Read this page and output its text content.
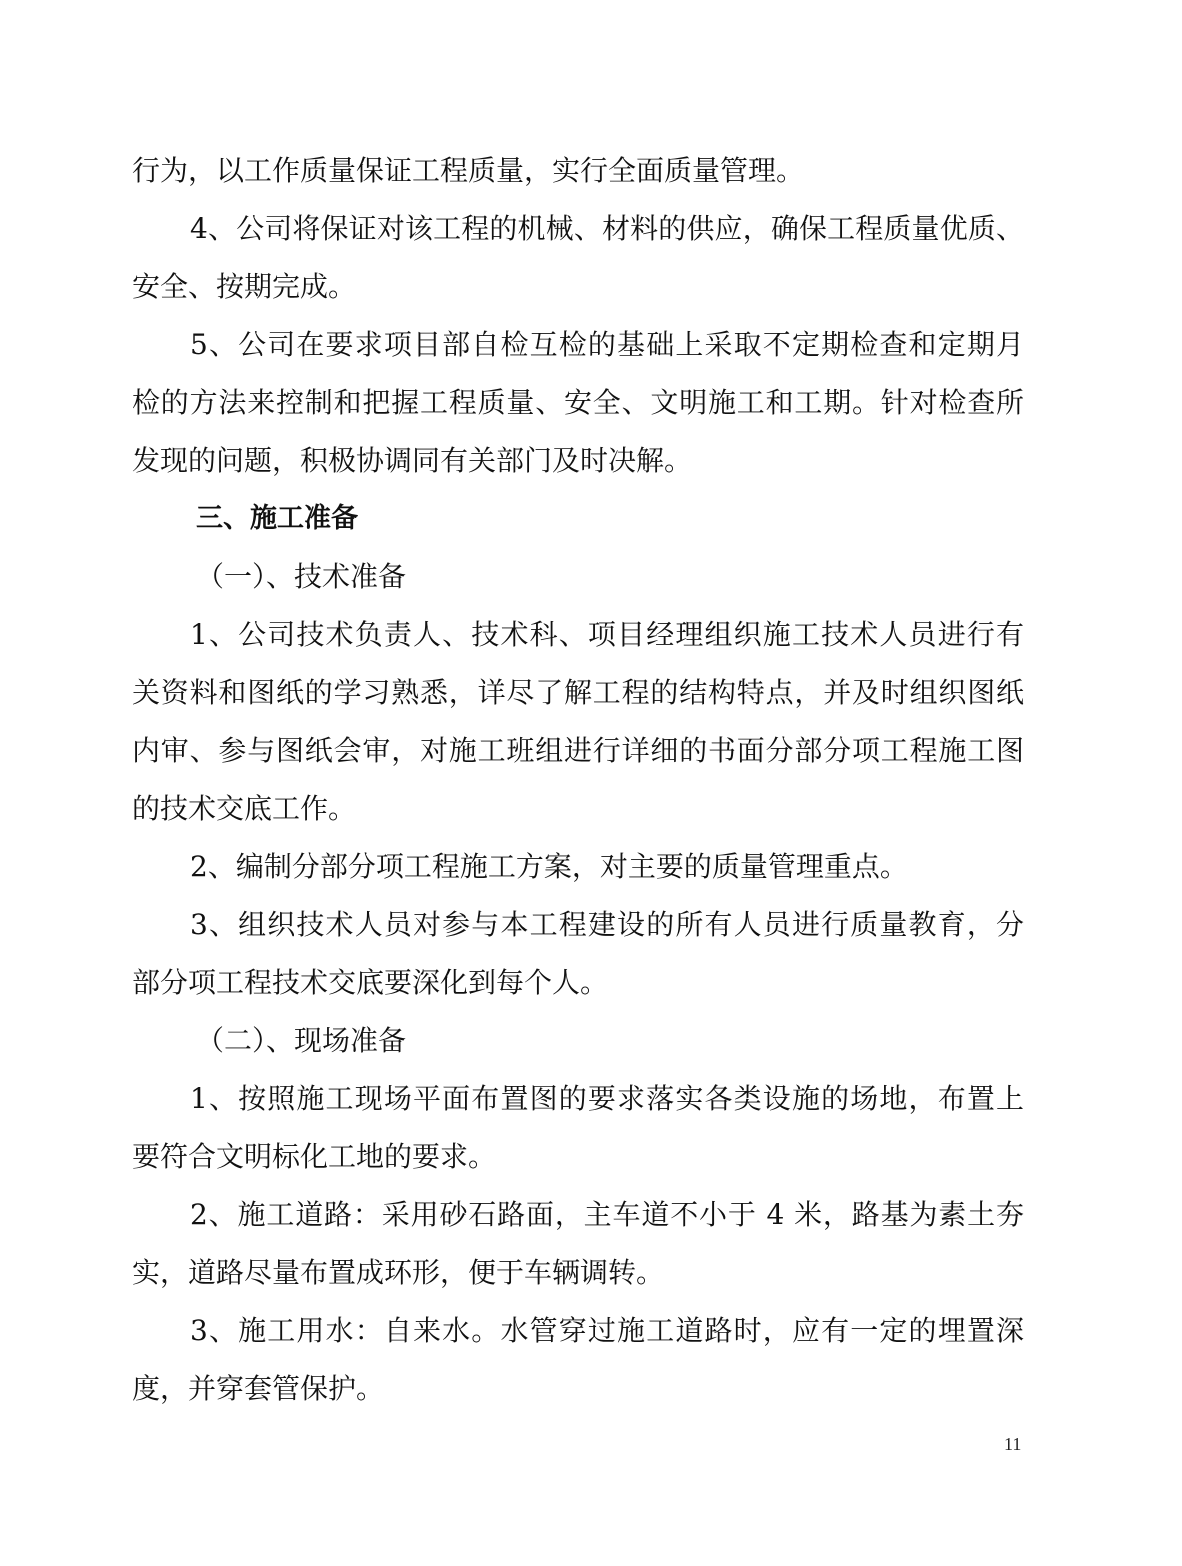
行为，以工作质量保证工程质量，实行全面质量管理。
4、公司将保证对该工程的机械、材料的供应，确保工程质量优质、
安全、按期完成。
5、公司在要求项目部自检互检的基础上采取不定期检查和定期月
检的方法来控制和把握工程质量、安全、文明施工和工期。针对检查所
发现的问题，积极协调同有关部门及时决解。
三、施工准备
（一）、技术准备
1、公司技术负责人、技术科、项目经理组织施工技术人员进行有
关资料和图纸的学习熟悉，详尽了解工程的结构特点，并及时组织图纸
内审、参与图纸会审，对施工班组进行详细的书面分部分项工程施工图
的技术交底工作。
2、编制分部分项工程施工方案，对主要的质量管理重点。
3、组织技术人员对参与本工程建设的所有人员进行质量教育，分
部分项工程技术交底要深化到每个人。
（二）、现场准备
1、按照施工现场平面布置图的要求落实各类设施的场地，布置上
要符合文明标化工地的要求。
2、施工道路：采用砂石路面，主车道不小于 4 米，路基为素土夯
实，道路尽量布置成环形，便于车辆调转。
3、施工用水：自来水。水管穿过施工道路时，应有一定的埋置深
度，并穿套管保护。
11
